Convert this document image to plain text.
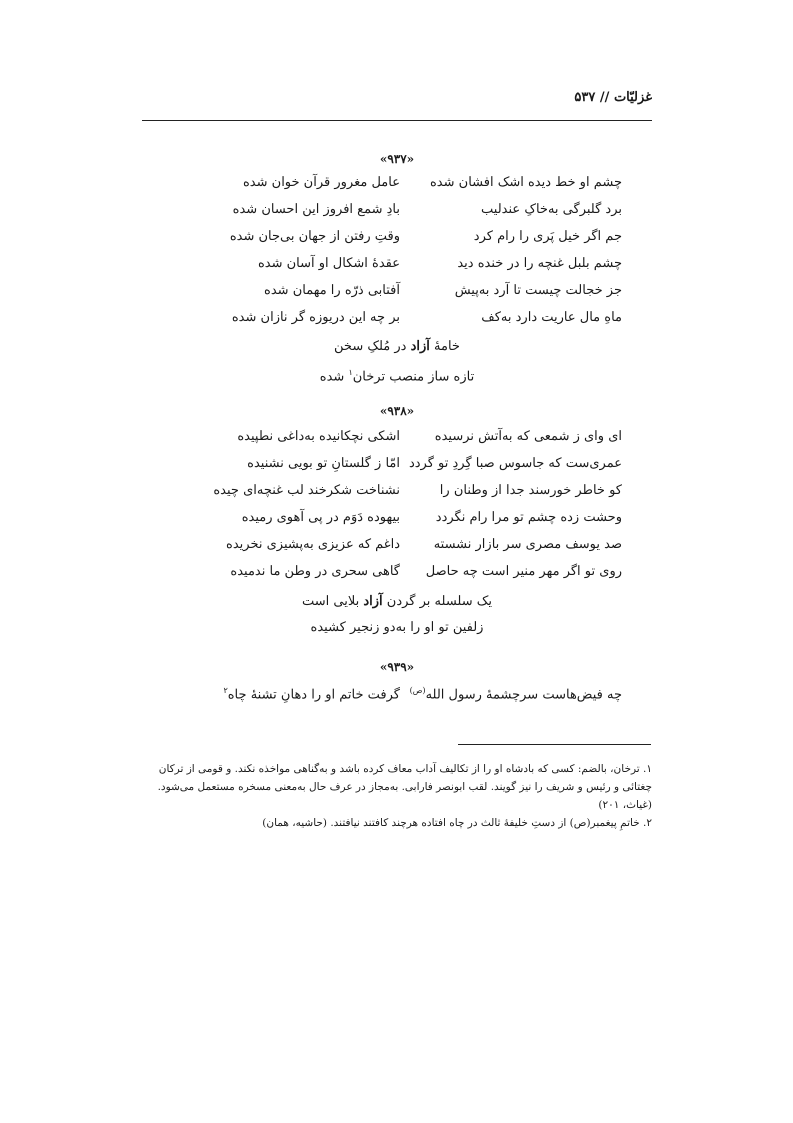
غزلیّات // ۵۳۷
«۹۳۷»
چشم او خط دیده اشک افشان شده
عامل مغرور قرآن خوان شده
برد گلبرگی به‌خاکِ عندلیب
بادِ شمع افروز این احسان شده
جم اگر خیل پَری را رام کرد
وقتِ رفتن از جهان بی‌جان شده
چشم بلبل غنچه را در خنده دید
عقدهٔ اشکال او آسان شده
جز خجالت چیست تا آرد به‌پیش
آفتابی ذرّه را مهمان شده
ماهِ مال عاریت دارد به‌کف
بر چه این دریوزه گر نازان شده
خامهٔ آزاد در مُلکِ سخن
تازه ساز منصب ترخان$^۱$ شده
«۹۳۸»
ای وای ز شمعی که به‌آتش نرسیده
اشکی نچکانیده به‌داغی نطپیده
عمری‌ست که جاسوس صبا گِردِ تو گردد
امّا ز گلستانِ تو بویی نشنیده
کو خاطر خورسند جدا از وطنان را
نشناخت شکرخند لب غنچه‌ای چیده
وحشت زده چشم تو مرا رام نگردد
بیهوده دَوَم در پی آهوی رمیده
صد یوسف مصری سر بازار نشسته
داغم که عزیزی به‌پشیزی نخریده
روی تو اگر مهر منیر است چه حاصل
گاهی سحری در وطن ما ندمیده
یک سلسله بر گردن آزاد بلایی است
زلفین تو او را به‌دو زنجیر کشیده
«۹۳۹»
چه فیض‌هاست سرچشمهٔ رسول الله$^{(ص)}$
گرفت خاتم او را دهانِ تشنهٔ چاه$^۲$

۱. ترخان، بالضم: کسی که بادشاه او را از تکالیف آداب معاف کرده باشد و به‌گناهی مواخذه نکند. و قومی از ترکان چغتائی و رئیس و شریف را نیز گویند. لقب ابونصر فارابی. به‌مجاز در عرف حال به‌معنی مسخره مستعمل می‌شود. (غیاث، ۲۰۱)

۲. خاتمِ پیغمبر(ص) از دستِ خلیفهٔ ثالث در چاه افتاده هرچند کافتند نیافتند. (حاشیه، همان)
